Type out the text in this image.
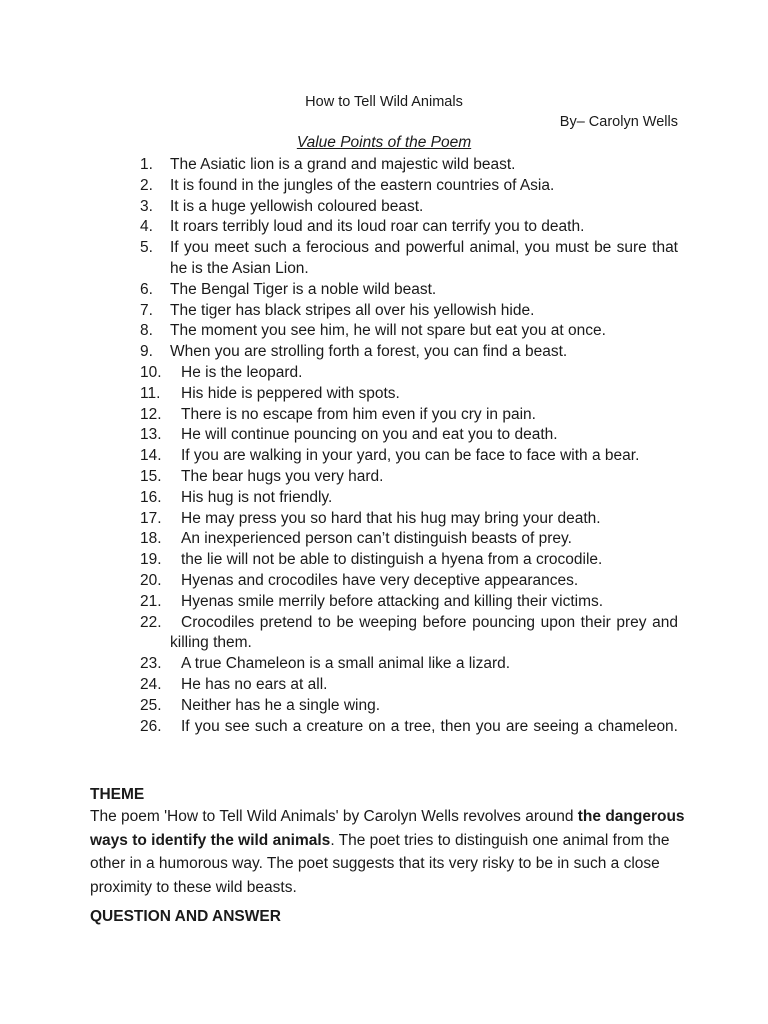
How to Tell Wild Animals
By– Carolyn Wells
Value Points of the Poem
1.	The Asiatic lion is a grand and majestic wild beast.
2.	It is found in the jungles of the eastern countries of Asia.
3.	It is a huge yellowish coloured beast.
4.	It roars terribly loud and its loud roar can terrify you to death.
5.	If you meet such a ferocious and powerful animal, you must be sure that he is the Asian Lion.
6.	The Bengal Tiger is a noble wild beast.
7.	The tiger has black stripes all over his yellowish hide.
8.	The moment you see him, he will not spare but eat you at once.
9.	When you are strolling forth a forest, you can find a beast.
10.	He is the leopard.
11.	His hide is peppered with spots.
12.	There is no escape from him even if you cry in pain.
13.	He will continue pouncing on you and eat you to death.
14.	If you are walking in your yard, you can be face to face with a bear.
15.	The bear hugs you very hard.
16.	His hug is not friendly.
17.	He may press you so hard that his hug may bring your death.
18.	An inexperienced person can’t distinguish beasts of prey.
19.	the lie will not be able to distinguish a hyena from a crocodile.
20.	Hyenas and crocodiles have very deceptive appearances.
21.	Hyenas smile merrily before attacking and killing their victims.
22.	Crocodiles pretend to be weeping before pouncing upon their prey and killing them.
23.	A true Chameleon is a small animal like a lizard.
24.	He has no ears at all.
25.	Neither has he a single wing.
26.	If you see such a creature on a tree, then you are seeing a chameleon.
THEME

The poem 'How to Tell Wild Animals' by Carolyn Wells revolves around the dangerous ways to identify the wild animals. The poet tries to distinguish one animal from the other in a humorous way. The poet suggests that its very risky to be in such a close proximity to these wild beasts.

QUESTION AND ANSWER
